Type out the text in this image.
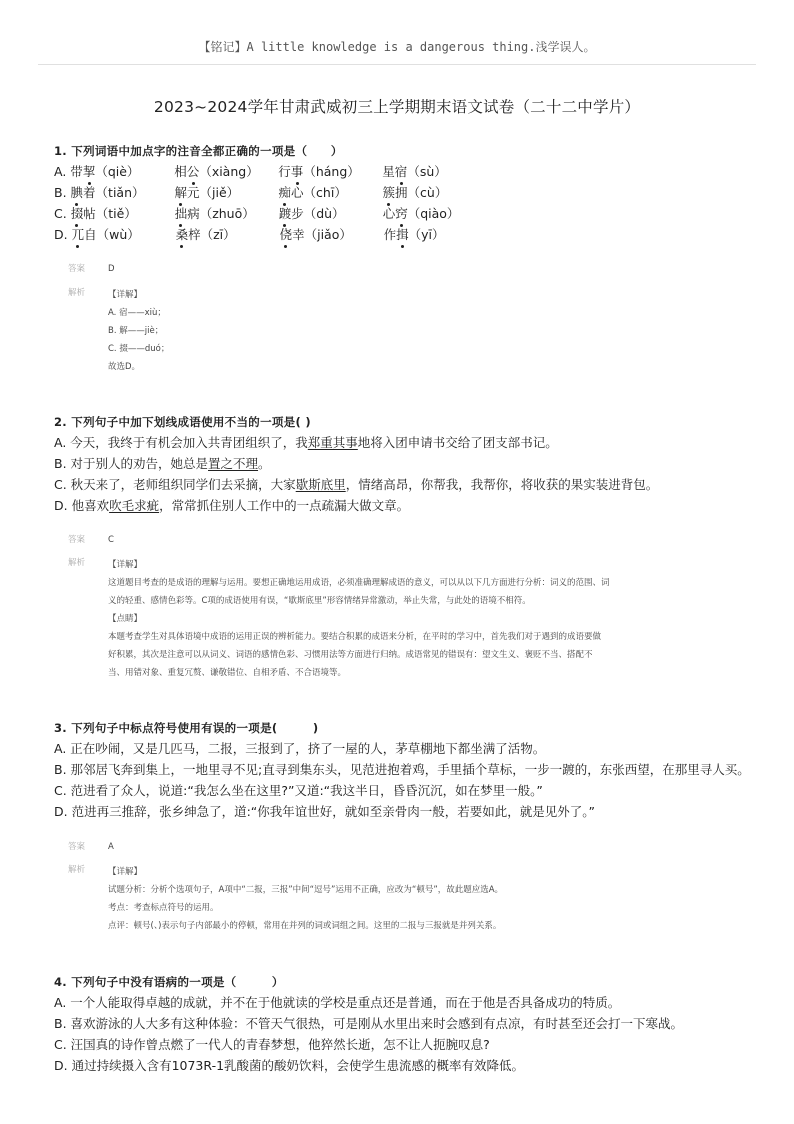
【铭记】A little knowledge is a dangerous thing.浅学误人。
2023~2024学年甘肃武威初三上学期期末语文试卷（二十二中学片）
1. 下列词语中加点字的注音全都正确的一项是（　　）
A. 带挈（qiè）	相公（xiàng）	行事（háng）	星宿（sù）
B. 腆着（tiǎn）	解元（jiě）	痴心（chī）	簇拥（cù）
C. 掇帖（tiě）	拙病（zhuō）	踱步（dù）	心窍（qiào）
D. 兀自（wù）	桑梓（zī）	侥幸（jiǎo）	作揖（yī）
答案	D
解析	【详解】
A. 宿——xiù；
B. 解——jiè；
C. 掇——duó；
故选D。
2. 下列句子中加下划线成语使用不当的一项是( )
A. 今天，我终于有机会加入共青团组织了，我郑重其事地将入团申请书交给了团支部书记。
B. 对于别人的劝告，她总是置之不理。
C. 秋天来了，老师组织同学们去采摘，大家歇斯底里，情绪高昂，你帮我，我帮你，将收获的果实装进背包。
D. 他喜欢吹毛求疵，常常抓住别人工作中的一点疏漏大做文章。
答案	C
解析	【详解】
这道题目考查的是成语的理解与运用。要想正确地运用成语，必须准确理解成语的意义，可以从以下几方面进行分析：词义的范围、词
义的轻重、感情色彩等。C项的成语使用有误，“歇斯底里”形容情绪异常激动，举止失常，与此处的语境不相符。
【点睛】
本题考查学生对具体语境中成语的运用正误的辨析能力。要结合积累的成语来分析，在平时的学习中，首先我们对于遇到的成语要做
好积累，其次是注意可以从词义、词语的感情色彩、习惯用法等方面进行归纳。成语常见的错误有：望文生义、褒贬不当、搭配不
当、用错对象、重复冗赘、谦敬错位、自相矛盾、不合语境等。
3. 下列句子中标点符号使用有误的一项是(　　　)
A. 正在吵闹，又是几匹马，二报，三报到了，挤了一屋的人，茅草棚地下都坐满了活物。
B. 那邻居飞奔到集上，一地里寻不见;直寻到集东头，见范进抱着鸡，手里插个草标，一步一踱的，东张西望，在那里寻人买。
C. 范进看了众人，说道:“我怎么坐在这里?”又道:“我这半日，昏昏沉沉，如在梦里一般。”
D. 范进再三推辞，张乡绅急了，道:“你我年谊世好，就如至亲骨肉一般，若要如此，就是见外了。”
答案	A
解析	【详解】
试题分析：分析个选项句子，A项中“二报，三报”中间“逗号”运用不正确，应改为“顿号”，故此题应选A。
考点：考查标点符号的运用。
点评：顿号(、)表示句子内部最小的停顿，常用在并列的词或词组之间。这里的二报与三报就是并列关系。
4. 下列句子中没有语病的一项是（　　　）
A. 一个人能取得卓越的成就，并不在于他就读的学校是重点还是普通，而在于他是否具备成功的特质。
B. 喜欢游泳的人大多有这种体验：不管天气很热，可是刚从水里出来时会感到有点凉，有时甚至还会打一下寒战。
C. 汪国真的诗作曾点燃了一代人的青春梦想，他猝然长逝，怎不让人扼腕叹息?
D. 通过持续摄入含有1073R-1乳酸菌的酸奶饮料，会使学生患流感的概率有效降低。
